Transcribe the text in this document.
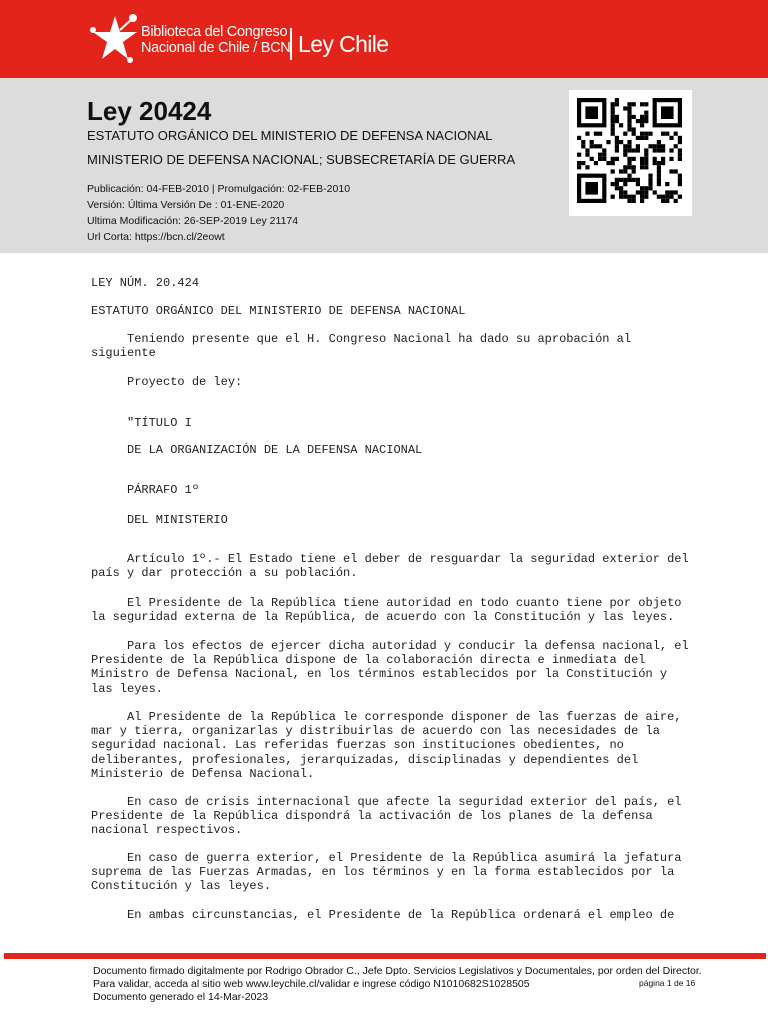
Biblioteca del Congreso
Nacional de Chile / BCN Ley Chile
Ley 20424
ESTATUTO ORGÁNICO DEL MINISTERIO DE DEFENSA NACIONAL
MINISTERIO DE DEFENSA NACIONAL; SUBSECRETARÍA DE GUERRA
Publicación: 04-FEB-2010 | Promulgación: 02-FEB-2010
Versión: Última Versión De : 01-ENE-2020
Ultima Modificación: 26-SEP-2019 Ley 21174
Url Corta: https://bcn.cl/2eowt
LEY NÚM. 20.424
ESTATUTO ORGÁNICO DEL MINISTERIO DE DEFENSA NACIONAL
Teniendo presente que el H. Congreso Nacional ha dado su aprobación al
siguiente
Proyecto de ley:
"TÍTULO I
DE LA ORGANIZACIÓN DE LA DEFENSA NACIONAL
PÁRRAFO 1º
DEL MINISTERIO
Artículo 1º.- El Estado tiene el deber de resguardar la seguridad exterior del
país y dar protección a su población.
El Presidente de la República tiene autoridad en todo cuanto tiene por objeto
la seguridad externa de la República, de acuerdo con la Constitución y las leyes.
Para los efectos de ejercer dicha autoridad y conducir la defensa nacional, el
Presidente de la República dispone de la colaboración directa e inmediata del
Ministro de Defensa Nacional, en los términos establecidos por la Constitución y
las leyes.
Al Presidente de la República le corresponde disponer de las fuerzas de aire,
mar y tierra, organizarlas y distribuirlas de acuerdo con las necesidades de la
seguridad nacional. Las referidas fuerzas son instituciones obedientes, no
deliberantes, profesionales, jerarquizadas, disciplinadas y dependientes del
Ministerio de Defensa Nacional.
En caso de crisis internacional que afecte la seguridad exterior del país, el
Presidente de la República dispondrá la activación de los planes de la defensa
nacional respectivos.
En caso de guerra exterior, el Presidente de la República asumirá la jefatura
suprema de las Fuerzas Armadas, en los términos y en la forma establecidos por la
Constitución y las leyes.
En ambas circunstancias, el Presidente de la República ordenará el empleo de
Documento firmado digitalmente por Rodrigo Obrador C., Jefe Dpto. Servicios Legislativos y Documentales, por orden del Director.
Para validar, acceda al sitio web www.leychile.cl/validar e ingrese código N1010682S1028505
Documento generado el 14-Mar-2023
página 1 de 16
